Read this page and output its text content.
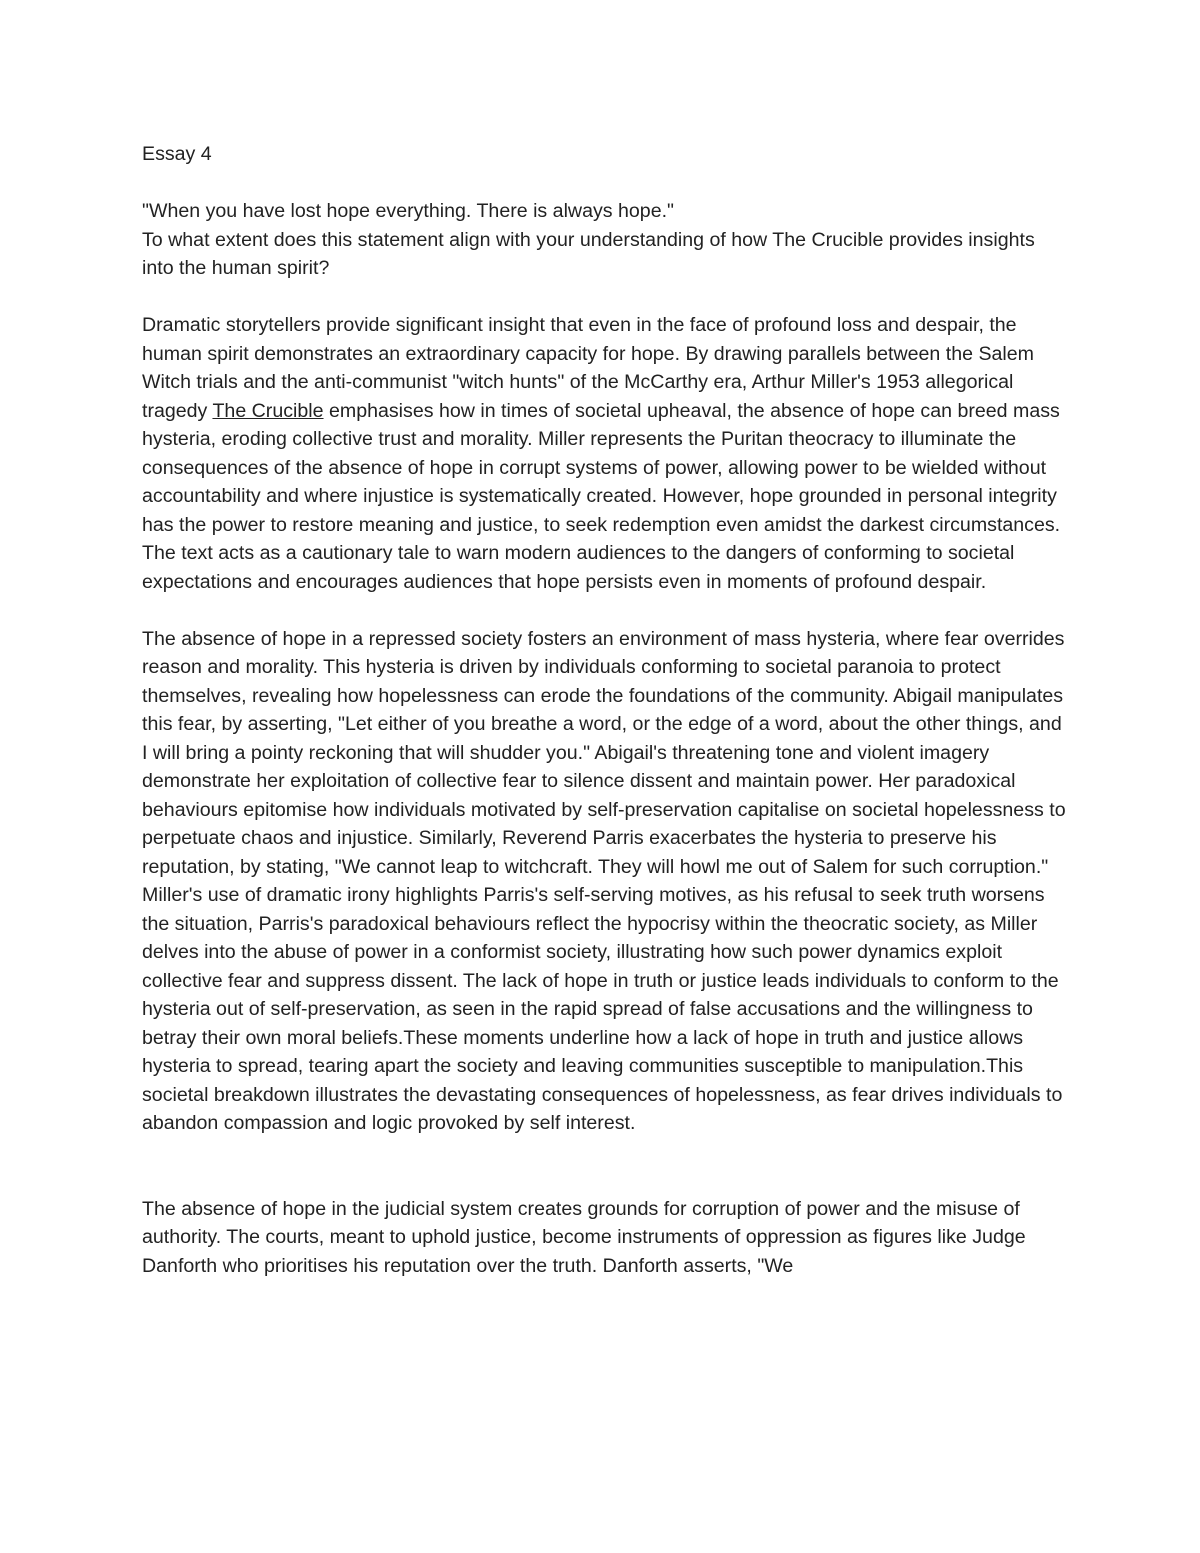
Essay 4

"When you have lost hope everything. There is always hope."

To what extent does this statement align with your understanding of how The Crucible provides insights into the human spirit?

Dramatic storytellers provide significant insight that even in the face of profound loss and despair, the human spirit demonstrates an extraordinary capacity for hope. By drawing parallels between the Salem Witch trials and the anti-communist "witch hunts" of the McCarthy era, Arthur Miller's 1953 allegorical tragedy The Crucible emphasises how in times of societal upheaval, the absence of hope can breed mass hysteria, eroding collective trust and morality. Miller represents the Puritan theocracy to illuminate the consequences of the absence of hope in corrupt systems of power, allowing power to be wielded without accountability and where injustice is systematically created. However, hope grounded in personal integrity has the power to restore meaning and justice, to seek redemption even amidst the darkest circumstances. The text acts as a cautionary tale to warn modern audiences to the dangers of conforming to societal expectations and encourages audiences that hope persists even in moments of profound despair.

The absence of hope in a repressed society fosters an environment of mass hysteria, where fear overrides reason and morality. This hysteria is driven by individuals conforming to societal paranoia to protect themselves, revealing how hopelessness can erode the foundations of the community. Abigail manipulates this fear, by asserting, "Let either of you breathe a word, or the edge of a word, about the other things, and I will bring a pointy reckoning that will shudder you." Abigail's threatening tone and violent imagery demonstrate her exploitation of collective fear to silence dissent and maintain power. Her paradoxical behaviours epitomise how individuals motivated by self-preservation capitalise on societal hopelessness to perpetuate chaos and injustice. Similarly, Reverend Parris exacerbates the hysteria to preserve his reputation, by stating, "We cannot leap to witchcraft. They will howl me out of Salem for such corruption." Miller's use of dramatic irony highlights Parris's self-serving motives, as his refusal to seek truth worsens the situation, Parris's paradoxical behaviours reflect the hypocrisy within the theocratic society, as Miller delves into the abuse of power in a conformist society, illustrating how such power dynamics exploit collective fear and suppress dissent. The lack of hope in truth or justice leads individuals to conform to the hysteria out of self-preservation, as seen in the rapid spread of false accusations and the willingness to betray their own moral beliefs.These moments underline how a lack of hope in truth and justice allows hysteria to spread, tearing apart the society and leaving communities susceptible to manipulation.This societal breakdown illustrates the devastating consequences of hopelessness, as fear drives individuals to abandon compassion and logic provoked by self interest.

The absence of hope in the judicial system creates grounds for corruption of power and the misuse of authority. The courts, meant to uphold justice, become instruments of oppression as figures like Judge Danforth who prioritises his reputation over the truth. Danforth asserts, "We
